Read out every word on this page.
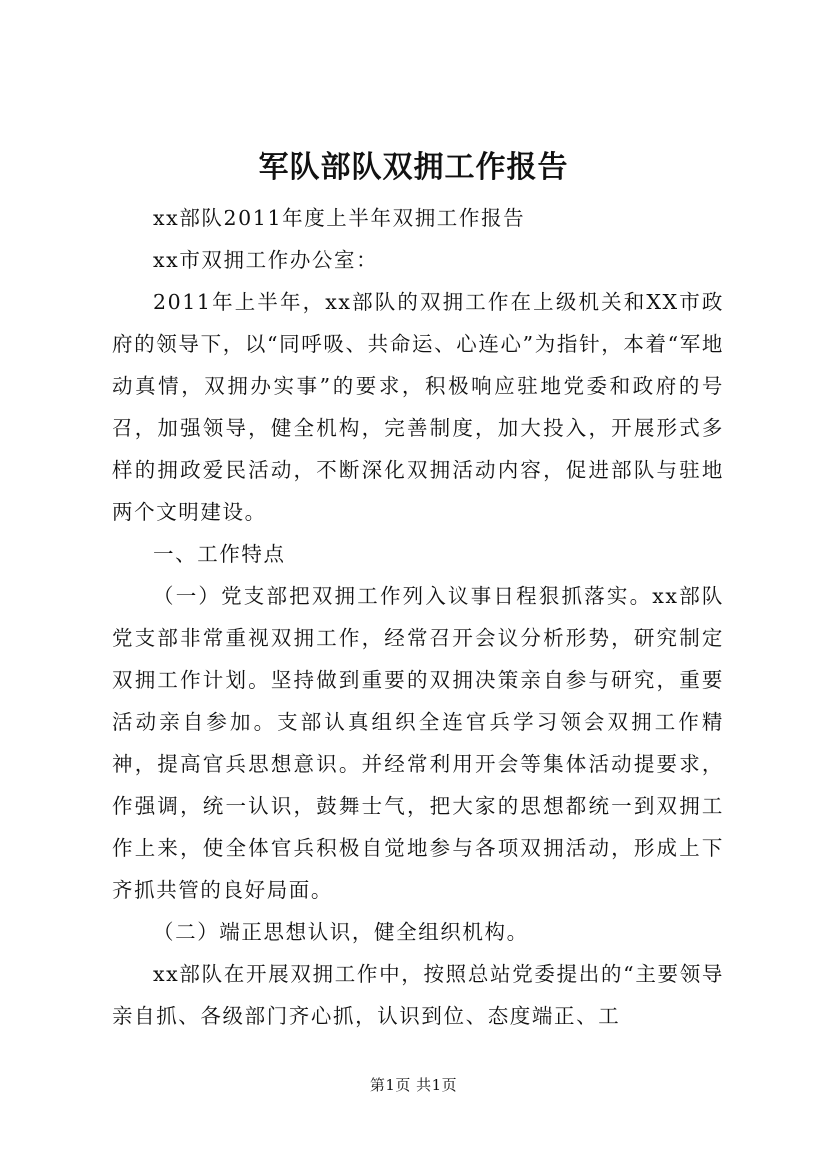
军队部队双拥工作报告

xx部队2011年度上半年双拥工作报告

xx市双拥工作办公室：

2011年上半年，xx部队的双拥工作在上级机关和XX市政府的领导下，以“同呼吸、共命运、心连心”为指针，本着“军地动真情，双拥办实事”的要求，积极响应驻地党委和政府的号召，加强领导，健全机构，完善制度，加大投入，开展形式多样的拥政爱民活动，不断深化双拥活动内容，促进部队与驻地两个文明建设。

一、工作特点

（一）党支部把双拥工作列入议事日程狠抓落实。xx部队党支部非常重视双拥工作，经常召开会议分析形势，研究制定双拥工作计划。坚持做到重要的双拥决策亲自参与研究，重要活动亲自参加。支部认真组织全连官兵学习领会双拥工作精神，提高官兵思想意识。并经常利用开会等集体活动提要求，作强调，统一认识，鼓舞士气，把大家的思想都统一到双拥工作上来，使全体官兵积极自觉地参与各项双拥活动，形成上下齐抓共管的良好局面。

（二）端正思想认识，健全组织机构。

xx部队在开展双拥工作中，按照总站党委提出的“主要领导亲自抓、各级部门齐心抓，认识到位、态度端正、工

第1页 共1页
